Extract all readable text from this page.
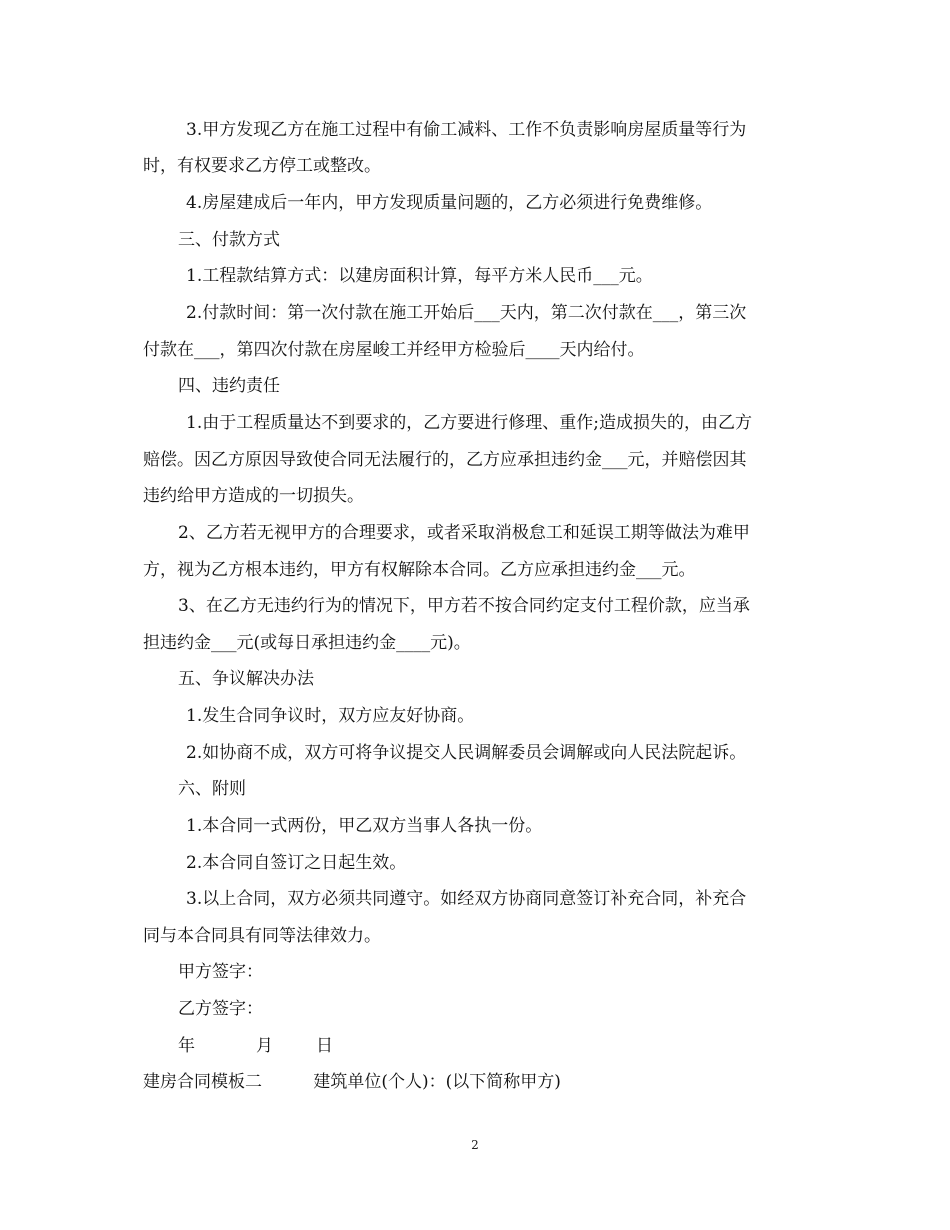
3.甲方发现乙方在施工过程中有偷工减料、工作不负责影响房屋质量等行为
时，有权要求乙方停工或整改。
4.房屋建成后一年内，甲方发现质量问题的，乙方必须进行免费维修。
三、付款方式
1.工程款结算方式：以建房面积计算，每平方米人民币___元。
2.付款时间：第一次付款在施工开始后___天内，第二次付款在___，第三次
付款在___，第四次付款在房屋峻工并经甲方检验后____天内给付。
四、违约责任
1.由于工程质量达不到要求的，乙方要进行修理、重作;造成损失的，由乙方
赔偿。因乙方原因导致使合同无法履行的，乙方应承担违约金___元，并赔偿因其
违约给甲方造成的一切损失。
2、乙方若无视甲方的合理要求，或者采取消极怠工和延误工期等做法为难甲
方，视为乙方根本违约，甲方有权解除本合同。乙方应承担违约金___元。
3、在乙方无违约行为的情况下，甲方若不按合同约定支付工程价款，应当承
担违约金___元(或每日承担违约金____元)。
五、争议解决办法
1.发生合同争议时，双方应友好协商。
2.如协商不成，双方可将争议提交人民调解委员会调解或向人民法院起诉。
六、附则
1.本合同一式两份，甲乙双方当事人各执一份。
2.本合同自签订之日起生效。
3.以上合同，双方必须共同遵守。如经双方协商同意签订补充合同，补充合
同与本合同具有同等法律效力。
甲方签字：
乙方签字：
年	月	日
建房合同模板二	建筑单位(个人)：(以下简称甲方)
2
